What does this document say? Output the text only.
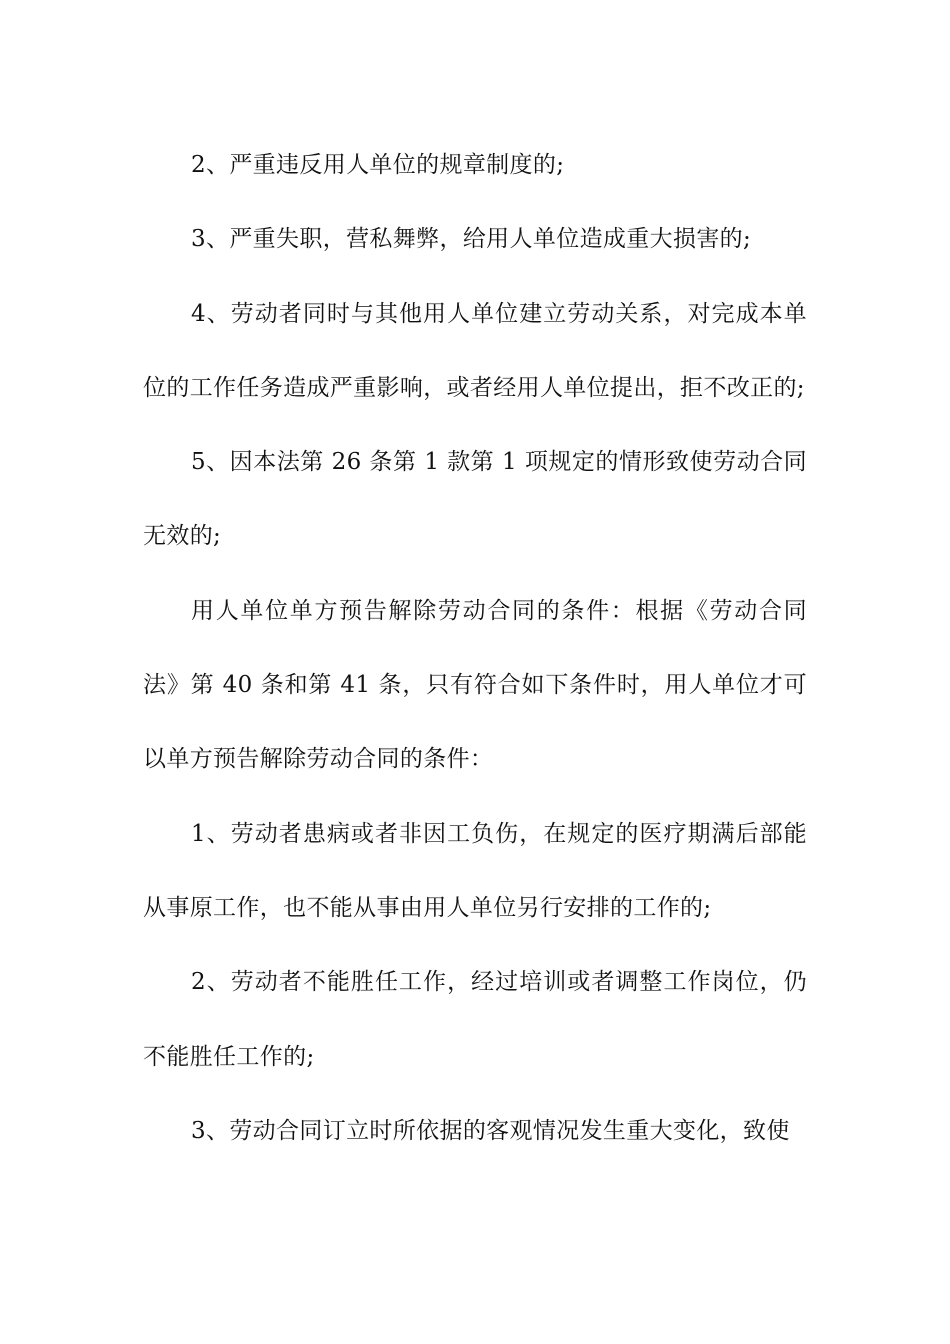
2、严重违反用人单位的规章制度的;

3、严重失职，营私舞弊，给用人单位造成重大损害的;

4、劳动者同时与其他用人单位建立劳动关系，对完成本单位的工作任务造成严重影响，或者经用人单位提出，拒不改正的;

5、因本法第 26 条第 1 款第 1 项规定的情形致使劳动合同无效的;

用人单位单方预告解除劳动合同的条件：根据《劳动合同法》第 40 条和第 41 条，只有符合如下条件时，用人单位才可以单方预告解除劳动合同的条件：

1、劳动者患病或者非因工负伤，在规定的医疗期满后部能从事原工作，也不能从事由用人单位另行安排的工作的;

2、劳动者不能胜任工作，经过培训或者调整工作岗位，仍不能胜任工作的;

3、劳动合同订立时所依据的客观情况发生重大变化，致使
